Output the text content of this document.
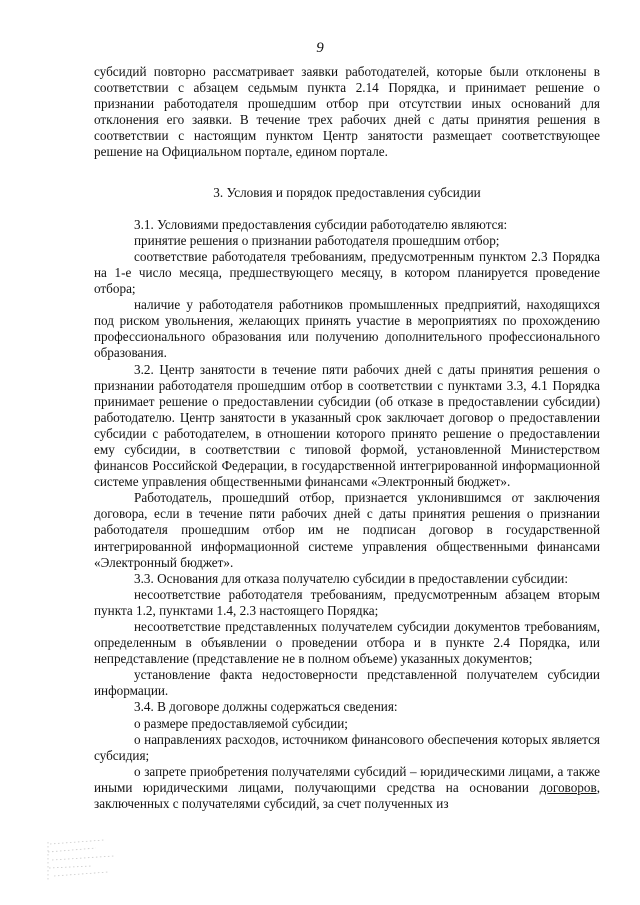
9

субсидий повторно рассматривает заявки работодателей, которые были отклонены в соответствии с абзацем седьмым пункта 2.14 Порядка, и принимает решение о признании работодателя прошедшим отбор при отсутствии иных оснований для отклонения его заявки. В течение трех рабочих дней с даты принятия решения в соответствии с настоящим пунктом Центр занятости размещает соответствующее решение на Официальном портале, едином портале.

3. Условия и порядок предоставления субсидии

3.1. Условиями предоставления субсидии работодателю являются:

принятие решения о признании работодателя прошедшим отбор;

соответствие работодателя требованиям, предусмотренным пунктом 2.3 Порядка на 1-е число месяца, предшествующего месяцу, в котором планируется проведение отбора;

наличие у работодателя работников промышленных предприятий, находящихся под риском увольнения, желающих принять участие в мероприятиях по прохождению профессионального образования или получению дополнительного профессионального образования.

3.2. Центр занятости в течение пяти рабочих дней с даты принятия решения о признании работодателя прошедшим отбор в соответствии с пунктами 3.3, 4.1 Порядка принимает решение о предоставлении субсидии (об отказе в предоставлении субсидии) работодателю. Центр занятости в указанный срок заключает договор о предоставлении субсидии с работодателем, в отношении которого принято решение о предоставлении ему субсидии, в соответствии с типовой формой, установленной Министерством финансов Российской Федерации, в государственной интегрированной информационной системе управления общественными финансами «Электронный бюджет».

Работодатель, прошедший отбор, признается уклонившимся от заключения договора, если в течение пяти рабочих дней с даты принятия решения о признании работодателя прошедшим отбор им не подписан договор в государственной интегрированной информационной системе управления общественными финансами «Электронный бюджет».

3.3. Основания для отказа получателю субсидии в предоставлении субсидии:

несоответствие работодателя требованиям, предусмотренным абзацем вторым пункта 1.2, пунктами 1.4, 2.3 настоящего Порядка;

несоответствие представленных получателем субсидии документов требованиям, определенным в объявлении о проведении отбора и в пункте 2.4 Порядка, или непредставление (представление не в полном объеме) указанных документов;

установление факта недостоверности представленной получателем субсидии информации.

3.4. В договоре должны содержаться сведения:

о размере предоставляемой субсидии;

о направлениях расходов, источником финансового обеспечения которых является субсидия;

о запрете приобретения получателями субсидий – юридическими лицами, а также иными юридическими лицами, получающими средства на основании договоров, заключенных с получателями субсидий, за счет полученных из
